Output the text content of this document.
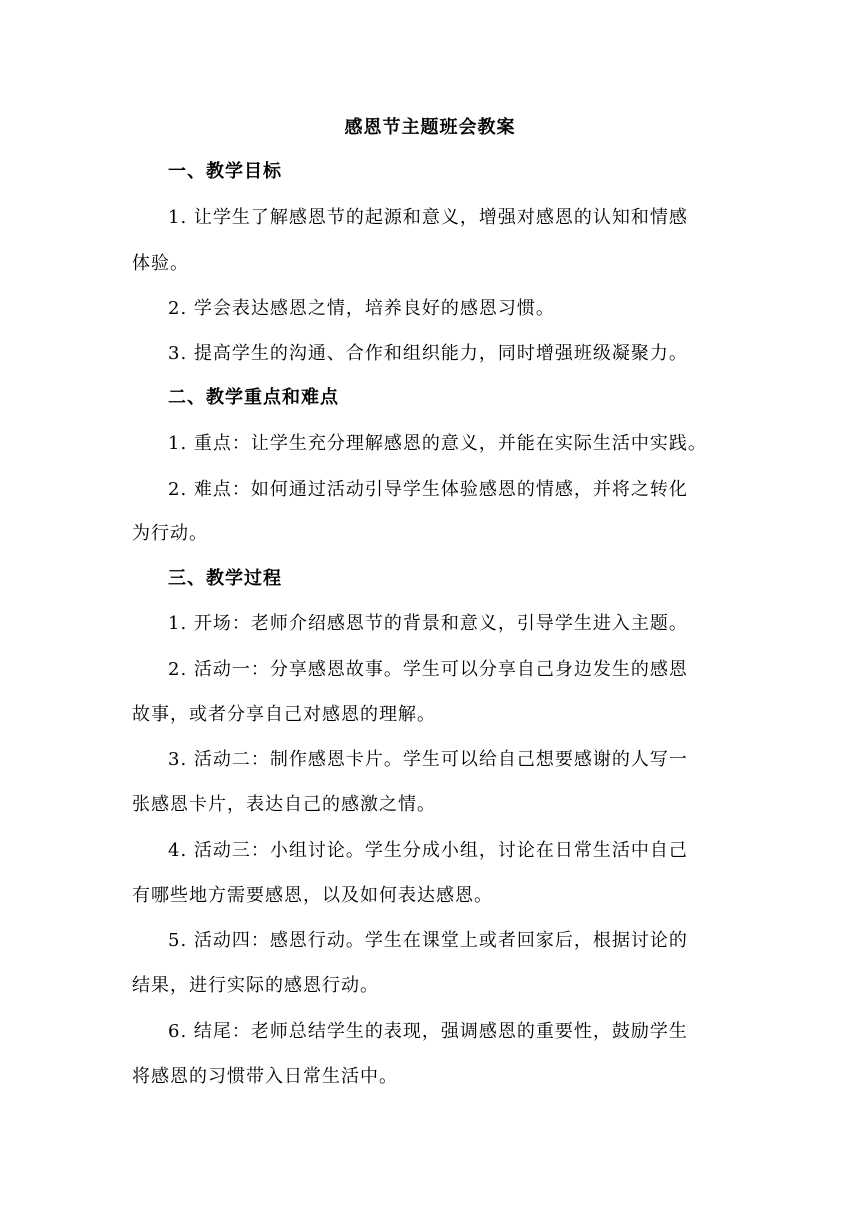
感恩节主题班会教案
一、教学目标
1. 让学生了解感恩节的起源和意义，增强对感恩的认知和情感
体验。
2. 学会表达感恩之情，培养良好的感恩习惯。
3. 提高学生的沟通、合作和组织能力，同时增强班级凝聚力。
二、教学重点和难点
1. 重点：让学生充分理解感恩的意义，并能在实际生活中实践。
2. 难点：如何通过活动引导学生体验感恩的情感，并将之转化
为行动。
三、教学过程
1. 开场：老师介绍感恩节的背景和意义，引导学生进入主题。
2. 活动一：分享感恩故事。学生可以分享自己身边发生的感恩
故事，或者分享自己对感恩的理解。
3. 活动二：制作感恩卡片。学生可以给自己想要感谢的人写一
张感恩卡片，表达自己的感激之情。
4. 活动三：小组讨论。学生分成小组，讨论在日常生活中自己
有哪些地方需要感恩，以及如何表达感恩。
5. 活动四：感恩行动。学生在课堂上或者回家后，根据讨论的
结果，进行实际的感恩行动。
6. 结尾：老师总结学生的表现，强调感恩的重要性，鼓励学生
将感恩的习惯带入日常生活中。
